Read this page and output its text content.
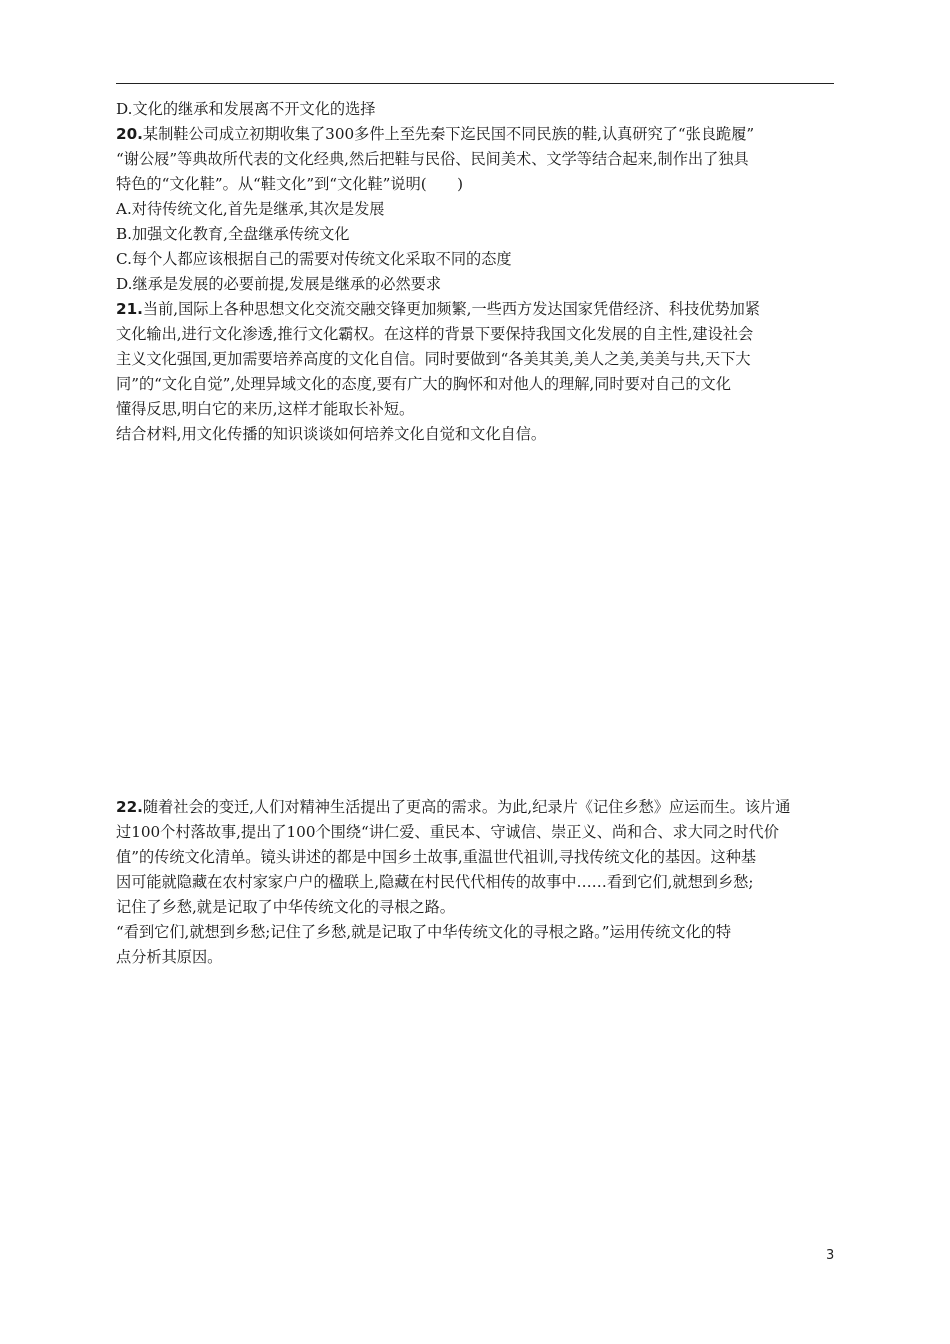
D.文化的继承和发展离不开文化的选择
20.某制鞋公司成立初期收集了300多件上至先秦下迄民国不同民族的鞋,认真研究了“张良跪履”
“谢公屐”等典故所代表的文化经典,然后把鞋与民俗、民间美术、文学等结合起来,制作出了独具
特色的“文化鞋”。从“鞋文化”到“文化鞋”说明(　　)
A.对待传统文化,首先是继承,其次是发展
B.加强文化教育,全盘继承传统文化
C.每个人都应该根据自己的需要对传统文化采取不同的态度
D.继承是发展的必要前提,发展是继承的必然要求
21.当前,国际上各种思想文化交流交融交锋更加频繁,一些西方发达国家凭借经济、科技优势加紧
文化输出,进行文化渗透,推行文化霸权。在这样的背景下要保持我国文化发展的自主性,建设社会
主义文化强国,更加需要培养高度的文化自信。同时要做到“各美其美,美人之美,美美与共,天下大
同”的“文化自觉”,处理异域文化的态度,要有广大的胸怀和对他人的理解,同时要对自己的文化
懂得反思,明白它的来历,这样才能取长补短。
结合材料,用文化传播的知识谈谈如何培养文化自觉和文化自信。
22.随着社会的变迁,人们对精神生活提出了更高的需求。为此,纪录片《记住乡愁》应运而生。该片通
过100个村落故事,提出了100个围绕“讲仁爱、重民本、守诚信、崇正义、尚和合、求大同之时代价
值”的传统文化清单。镜头讲述的都是中国乡土故事,重温世代祖训,寻找传统文化的基因。这种基
因可能就隐藏在农村家家户户的楹联上,隐藏在村民代代相传的故事中……看到它们,就想到乡愁;
记住了乡愁,就是记取了中华传统文化的寻根之路。
“看到它们,就想到乡愁;记住了乡愁,就是记取了中华传统文化的寻根之路。”运用传统文化的特
点分析其原因。
3
